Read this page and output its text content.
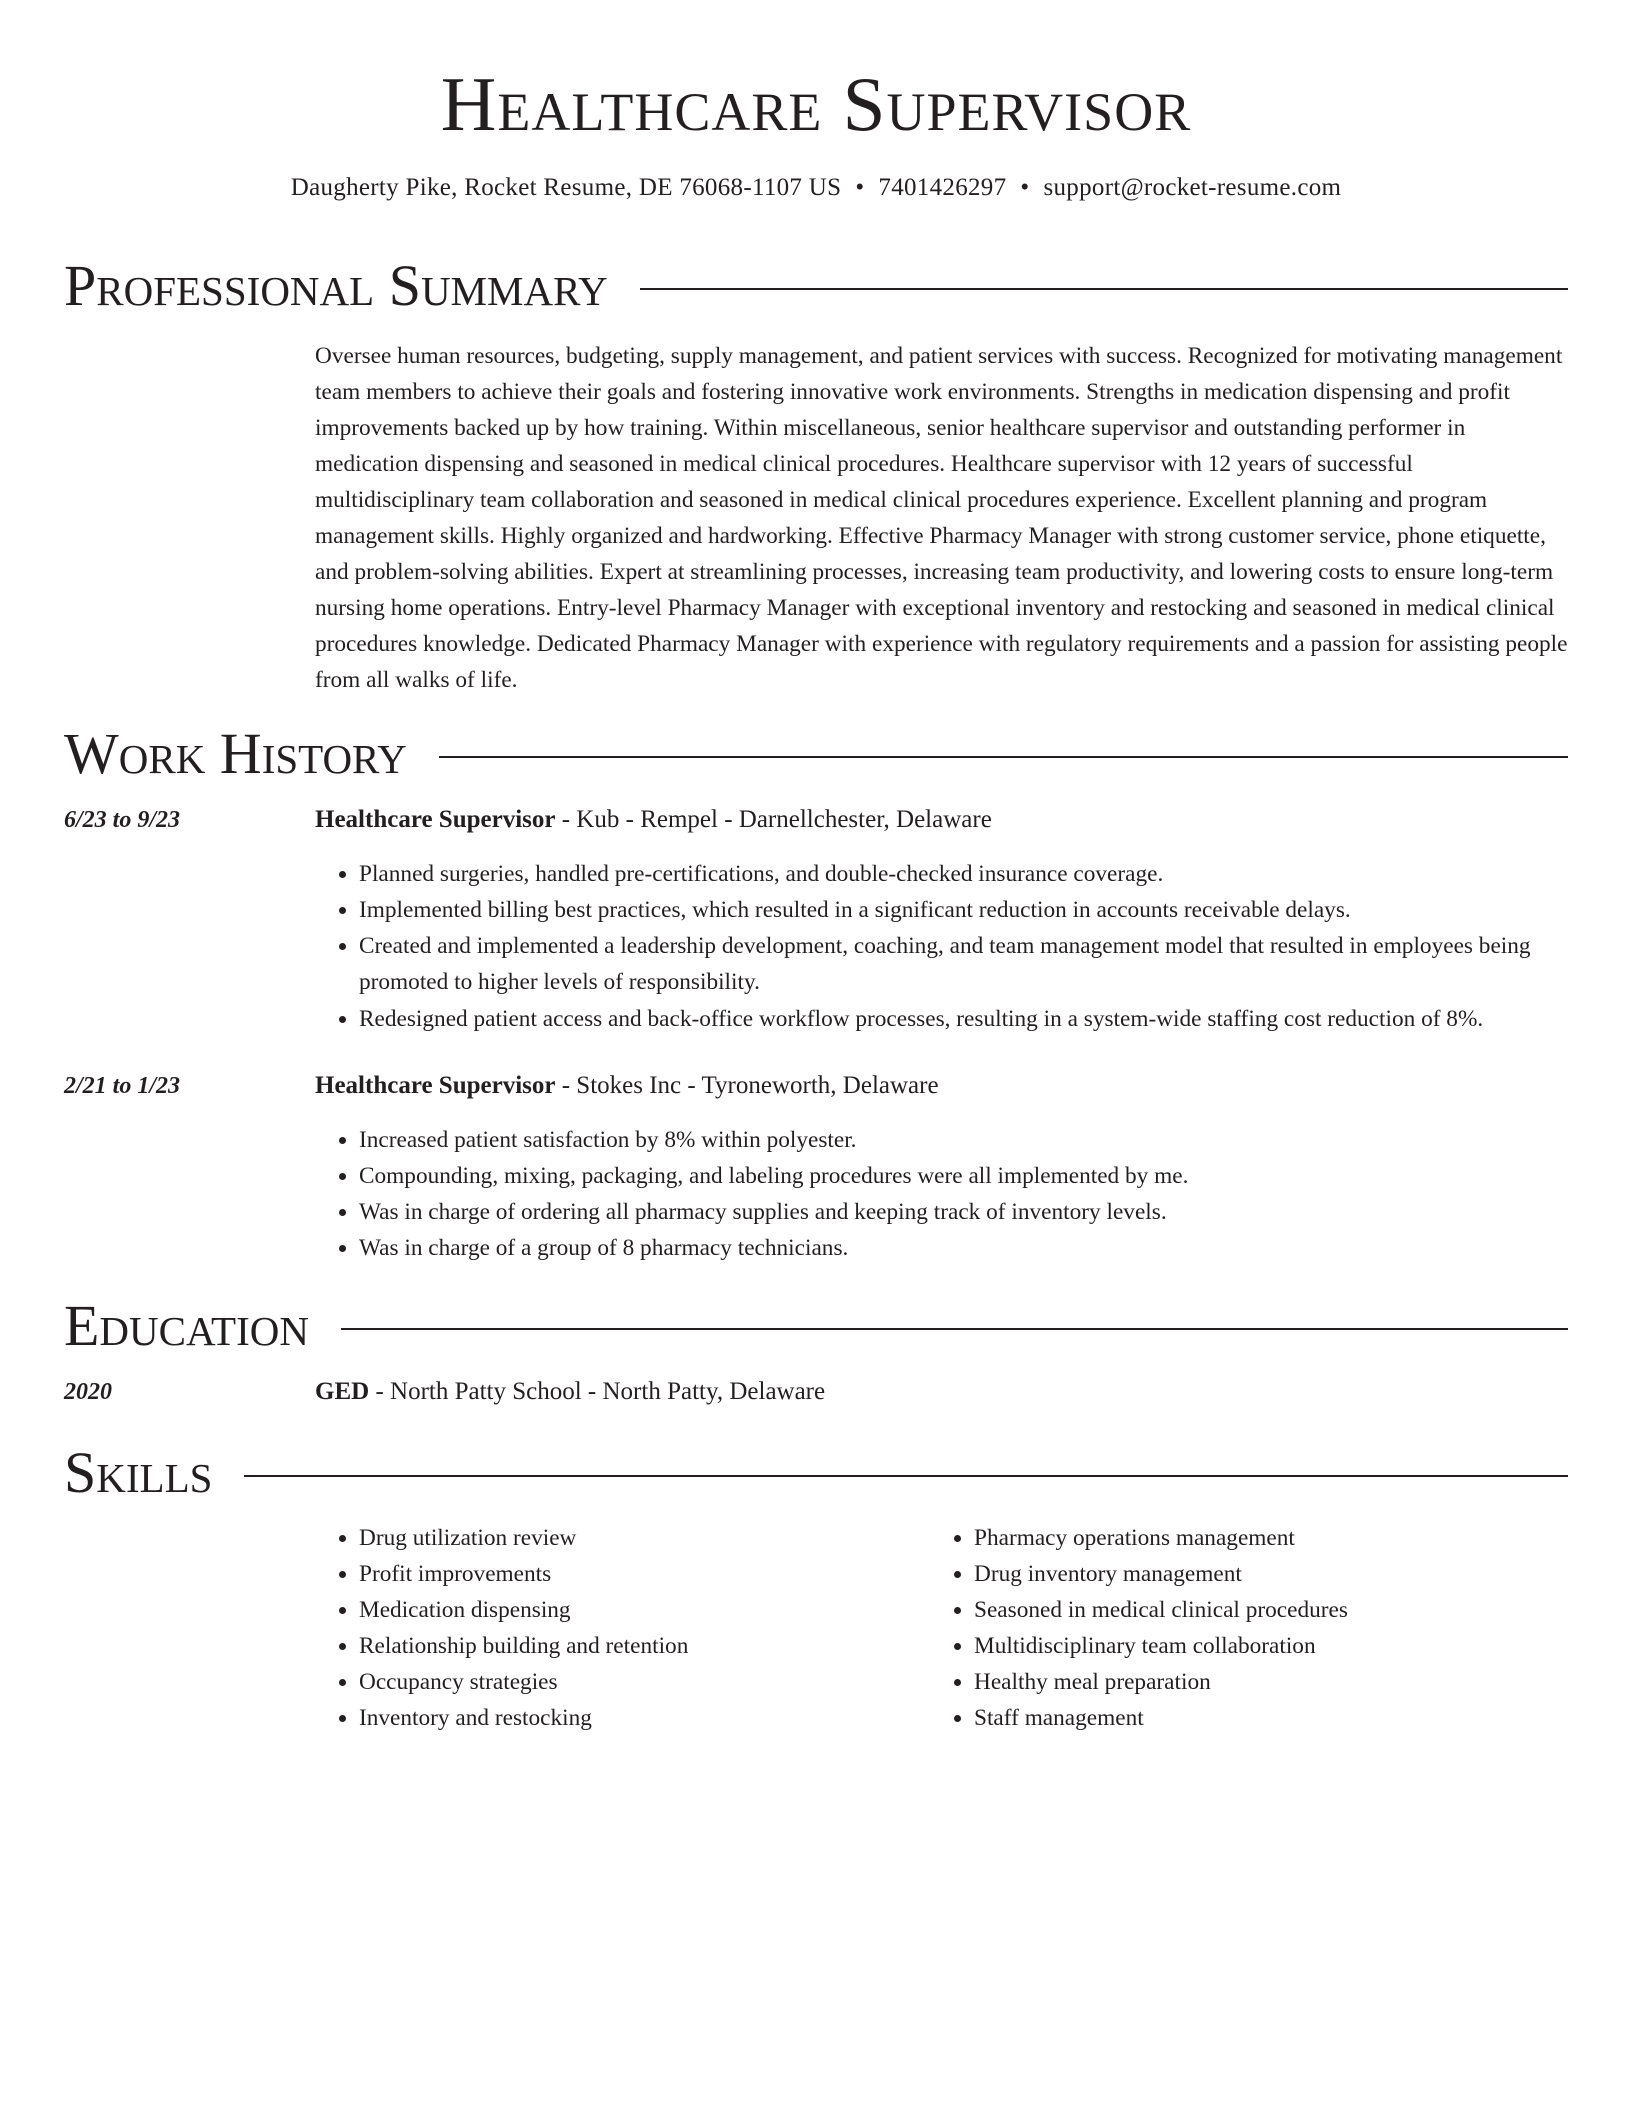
Healthcare Supervisor
Daugherty Pike, Rocket Resume, DE 76068-1107 US • 7401426297 • support@rocket-resume.com
Professional Summary

Oversee human resources, budgeting, supply management, and patient services with success. Recognized for motivating management team members to achieve their goals and fostering innovative work environments. Strengths in medication dispensing and profit improvements backed up by how training. Within miscellaneous, senior healthcare supervisor and outstanding performer in medication dispensing and seasoned in medical clinical procedures. Healthcare supervisor with 12 years of successful multidisciplinary team collaboration and seasoned in medical clinical procedures experience. Excellent planning and program management skills. Highly organized and hardworking. Effective Pharmacy Manager with strong customer service, phone etiquette, and problem-solving abilities. Expert at streamlining processes, increasing team productivity, and lowering costs to ensure long-term nursing home operations. Entry-level Pharmacy Manager with exceptional inventory and restocking and seasoned in medical clinical procedures knowledge. Dedicated Pharmacy Manager with experience with regulatory requirements and a passion for assisting people from all walks of life.

Work History
6/23 to 9/23	Healthcare Supervisor - Kub - Rempel - Darnellchester, Delaware
• Planned surgeries, handled pre-certifications, and double-checked insurance coverage.
• Implemented billing best practices, which resulted in a significant reduction in accounts receivable delays.
• Created and implemented a leadership development, coaching, and team management model that resulted in employees being promoted to higher levels of responsibility.
• Redesigned patient access and back-office workflow processes, resulting in a system-wide staffing cost reduction of 8%.
2/21 to 1/23	Healthcare Supervisor - Stokes Inc - Tyroneworth, Delaware
• Increased patient satisfaction by 8% within polyester.
• Compounding, mixing, packaging, and labeling procedures were all implemented by me.
• Was in charge of ordering all pharmacy supplies and keeping track of inventory levels.
• Was in charge of a group of 8 pharmacy technicians.
Education
2020	GED - North Patty School - North Patty, Delaware
Skills
• Drug utilization review
• Profit improvements
• Medication dispensing
• Relationship building and retention
• Occupancy strategies
• Inventory and restocking
• Pharmacy operations management
• Drug inventory management
• Seasoned in medical clinical procedures
• Multidisciplinary team collaboration
• Healthy meal preparation
• Staff management
